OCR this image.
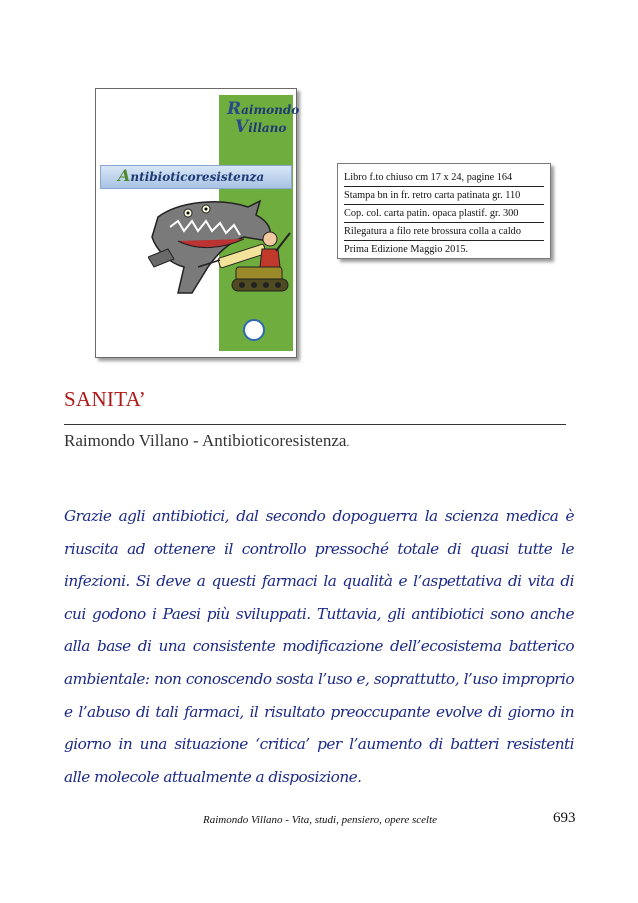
Raimondo
Villano
Antibioticoresistenza	Libro f.to chiuso cm 17 x 24, pagine 164
Stampa bn in fr. retro carta patinata gr. 110
Cop. col. carta patin. opaca plastif. gr. 300
Rilegatura a filo rete brossura colla a caldo
Prima Edizione Maggio 2015.
SANITA’
Raimondo Villano - Antibioticoresistenza.
Grazie agli antibiotici, dal secondo dopoguerra la scienza medica è riuscita ad ottenere il controllo pressoché totale di quasi tutte le infezioni. Si deve a questi farmaci la qualità e l’aspettativa di vita di cui godono i Paesi più sviluppati. Tuttavia, gli antibiotici sono anche alla base di una consistente modificazione dell’ecosistema batterico ambientale: non conoscendo sosta l’uso e, soprattutto, l’uso improprio e l’abuso di tali farmaci, il risultato preoccupante evolve di giorno in giorno in una situazione ‘critica’ per l’aumento di batteri resistenti alle molecole attualmente a disposizione.
Raimondo Villano - Vita, studi, pensiero, opere scelte	693
